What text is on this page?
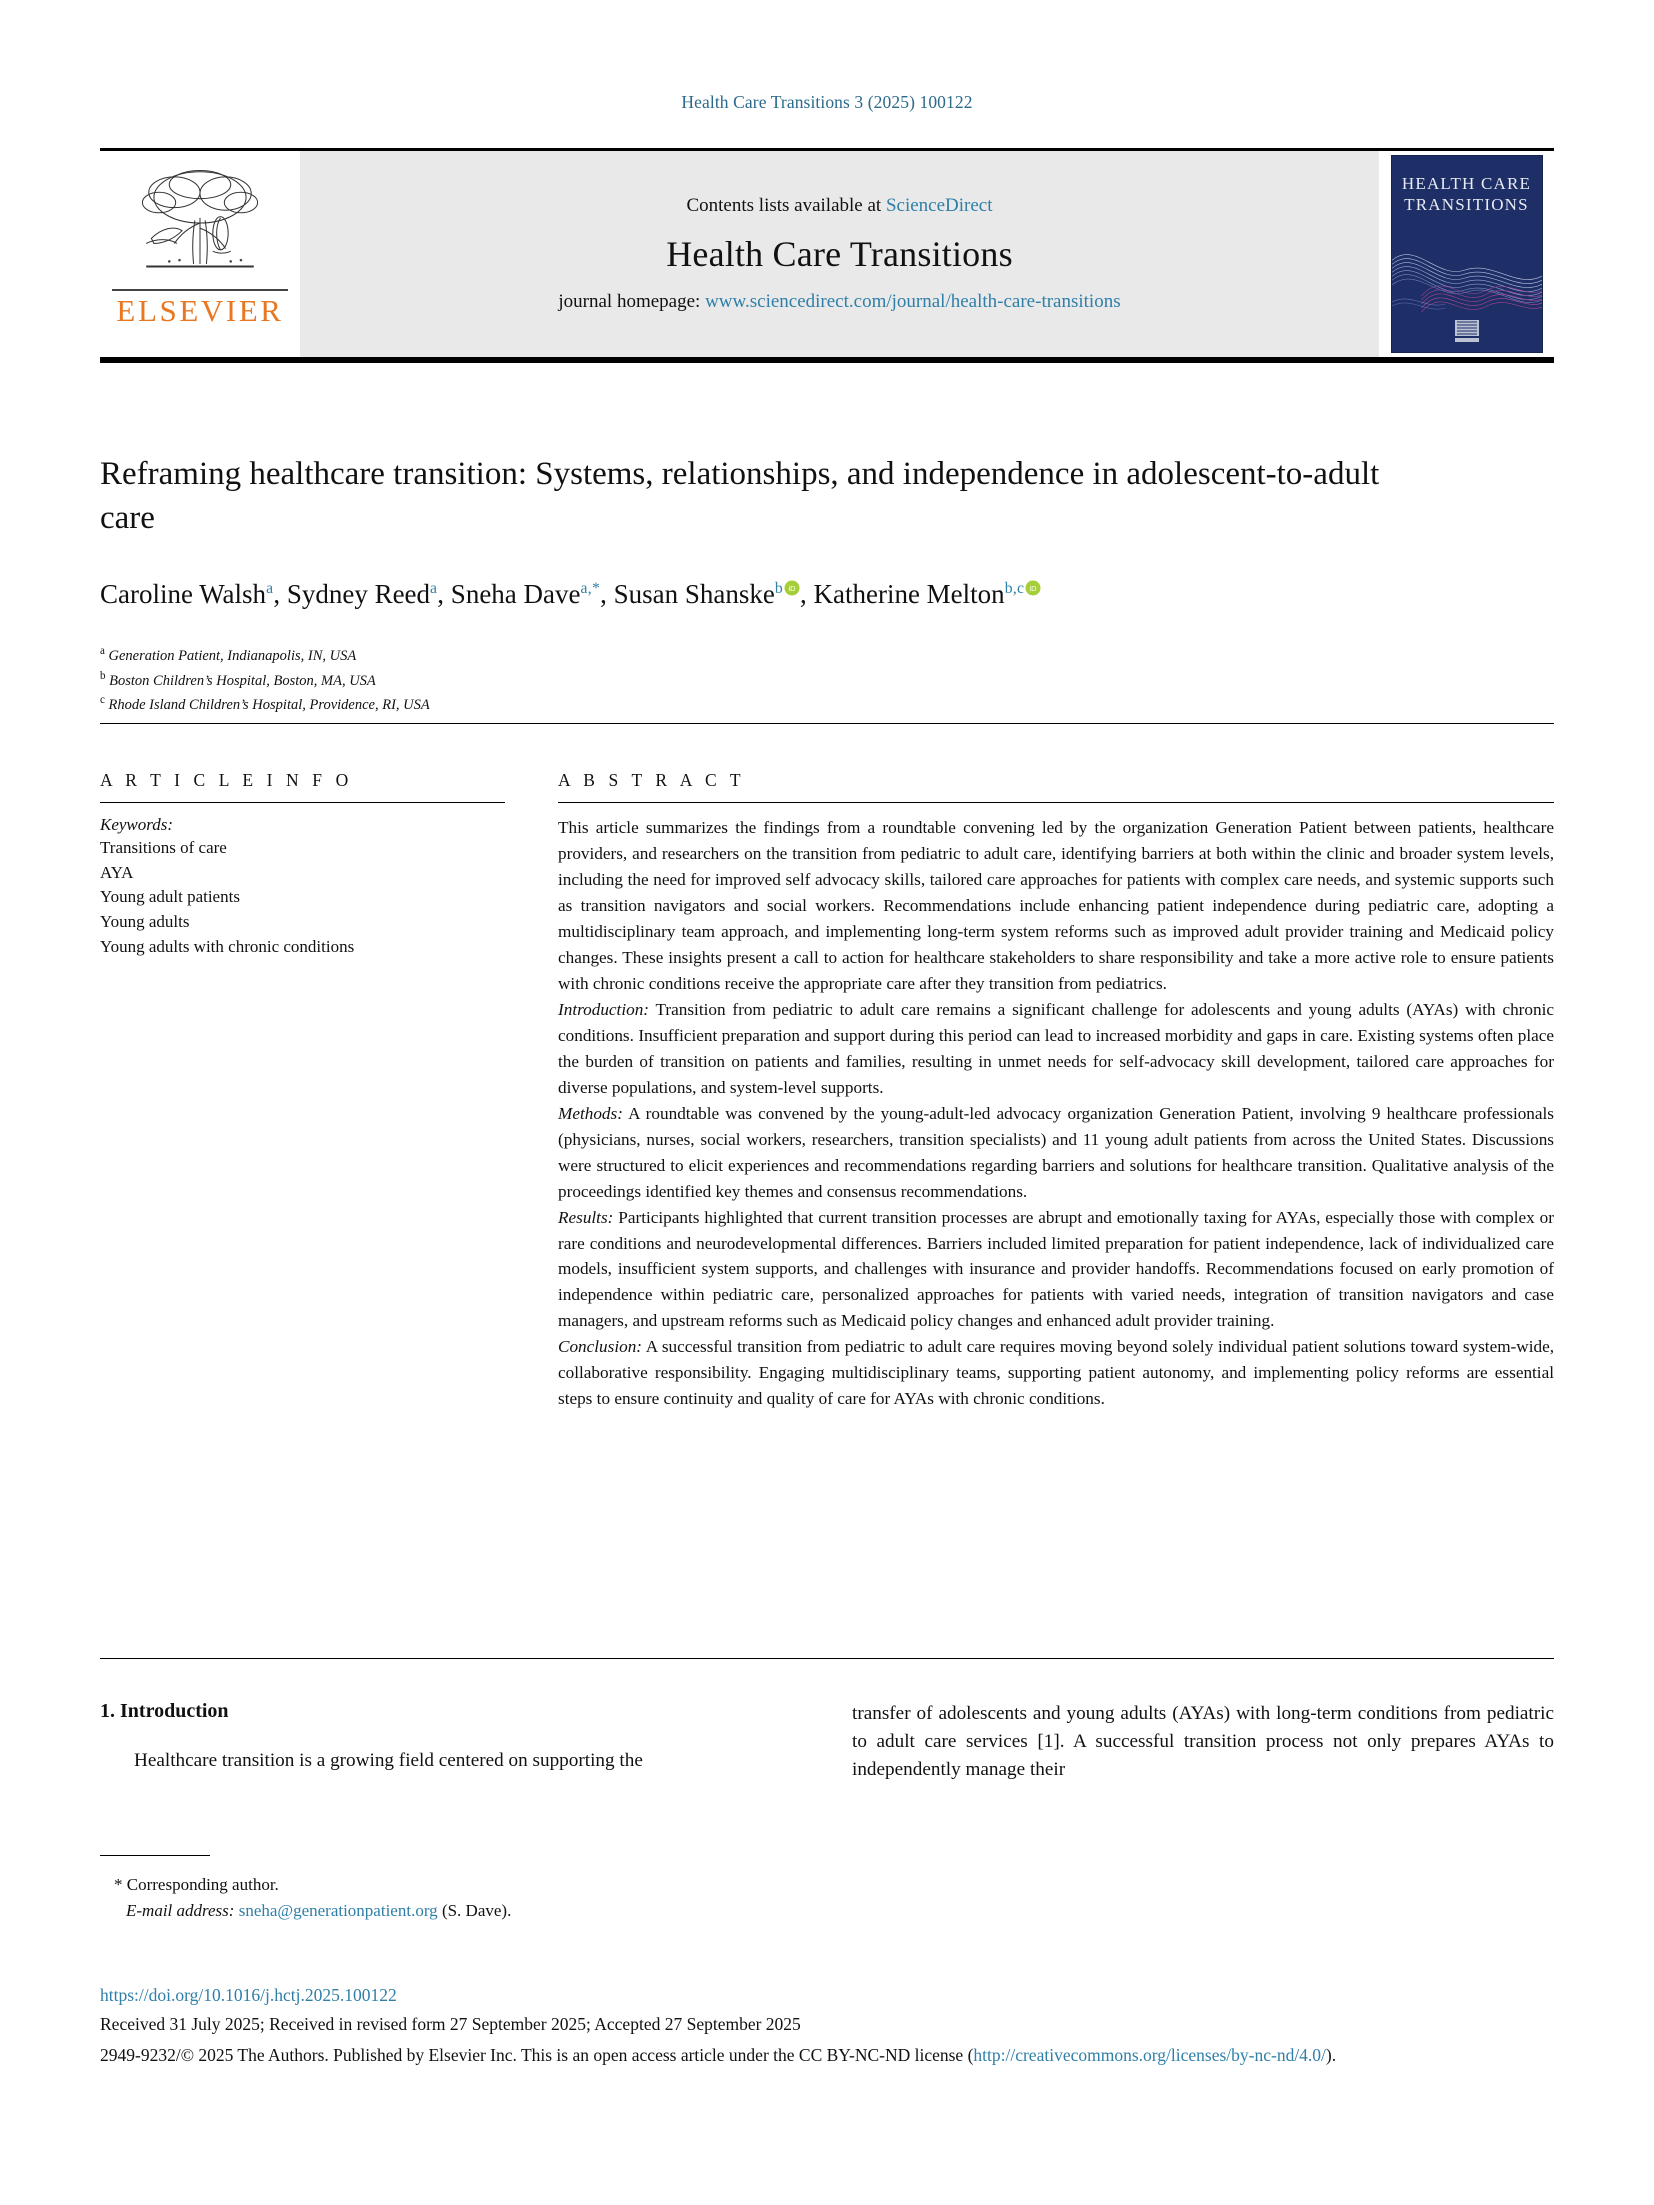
Health Care Transitions 3 (2025) 100122
ELSEVIER
Contents lists available at ScienceDirect
Health Care Transitions
journal homepage: www.sciencedirect.com/journal/health-care-transitions
HEALTH CARE
TRANSITIONS
Reframing healthcare transition: Systems, relationships, and independence in adolescent-to-adult care
Caroline Walsh$^a$, Sydney Reed$^a$, Sneha Dave$^{a,*}$, Susan Shanske$^b$ iD , Katherine Melton$^{b,c}$ iD
$^a$ Generation Patient, Indianapolis, IN, USA
$^b$ Boston Children’s Hospital, Boston, MA, USA
$^c$ Rhode Island Children’s Hospital, Providence, RI, USA
A R T I C L E I N F O
Keywords:
Transitions of care
AYA
Young adult patients
Young adults
Young adults with chronic conditions
A B S T R A C T

This article summarizes the findings from a roundtable convening led by the organization Generation Patient between patients, healthcare providers, and researchers on the transition from pediatric to adult care, identifying barriers at both within the clinic and broader system levels, including the need for improved self advocacy skills, tailored care approaches for patients with complex care needs, and systemic supports such as transition navigators and social workers. Recommendations include enhancing patient independence during pediatric care, adopting a multidisciplinary team approach, and implementing long-term system reforms such as improved adult provider training and Medicaid policy changes. These insights present a call to action for healthcare stakeholders to share responsibility and take a more active role to ensure patients with chronic conditions receive the appropriate care after they transition from pediatrics.

Introduction: Transition from pediatric to adult care remains a significant challenge for adolescents and young adults (AYAs) with chronic conditions. Insufficient preparation and support during this period can lead to increased morbidity and gaps in care. Existing systems often place the burden of transition on patients and families, resulting in unmet needs for self-advocacy skill development, tailored care approaches for diverse populations, and system-level supports.

Methods: A roundtable was convened by the young-adult-led advocacy organization Generation Patient, involving 9 healthcare professionals (physicians, nurses, social workers, researchers, transition specialists) and 11 young adult patients from across the United States. Discussions were structured to elicit experiences and recommendations regarding barriers and solutions for healthcare transition. Qualitative analysis of the proceedings identified key themes and consensus recommendations.

Results: Participants highlighted that current transition processes are abrupt and emotionally taxing for AYAs, especially those with complex or rare conditions and neurodevelopmental differences. Barriers included limited preparation for patient independence, lack of individualized care models, insufficient system supports, and challenges with insurance and provider handoffs. Recommendations focused on early promotion of independence within pediatric care, personalized approaches for patients with varied needs, integration of transition navigators and case managers, and upstream reforms such as Medicaid policy changes and enhanced adult provider training.

Conclusion: A successful transition from pediatric to adult care requires moving beyond solely individual patient solutions toward system-wide, collaborative responsibility. Engaging multidisciplinary teams, supporting patient autonomy, and implementing policy reforms are essential steps to ensure continuity and quality of care for AYAs with chronic conditions.

1. Introduction

Healthcare transition is a growing field centered on supporting the

transfer of adolescents and young adults (AYAs) with long-term conditions from pediatric to adult care services [1]. A successful transition process not only prepares AYAs to independently manage their

* Corresponding author.
E-mail address: sneha@generationpatient.org (S. Dave).
https://doi.org/10.1016/j.hctj.2025.100122
Received 31 July 2025; Received in revised form 27 September 2025; Accepted 27 September 2025
2949-9232/© 2025 The Authors. Published by Elsevier Inc. This is an open access article under the CC BY-NC-ND license (http://creativecommons.org/licenses/by-nc-nd/4.0/).
